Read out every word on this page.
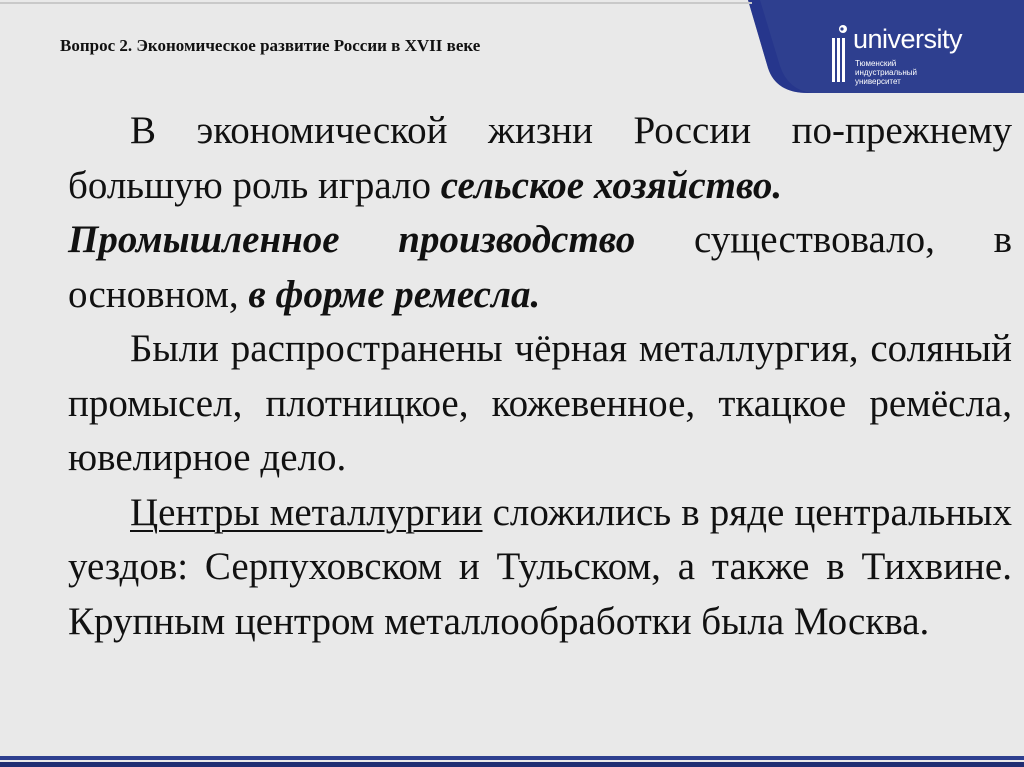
university
Тюменский
индустриальный
университет
Вопрос 2. Экономическое развитие России в XVII веке

В экономической жизни России по-прежнему большую роль играло сельское хозяйство.

Промышленное производство существовало, в основном, в форме ремесла.

Были распространены чёрная металлургия, соляный промысел, плотницкое, кожевенное, ткацкое ремёсла, ювелирное дело.

Центры металлургии сложились в ряде центральных уездов: Серпуховском и Тульском, а также в Тихвине. Крупным центром металлообработки была Москва.
